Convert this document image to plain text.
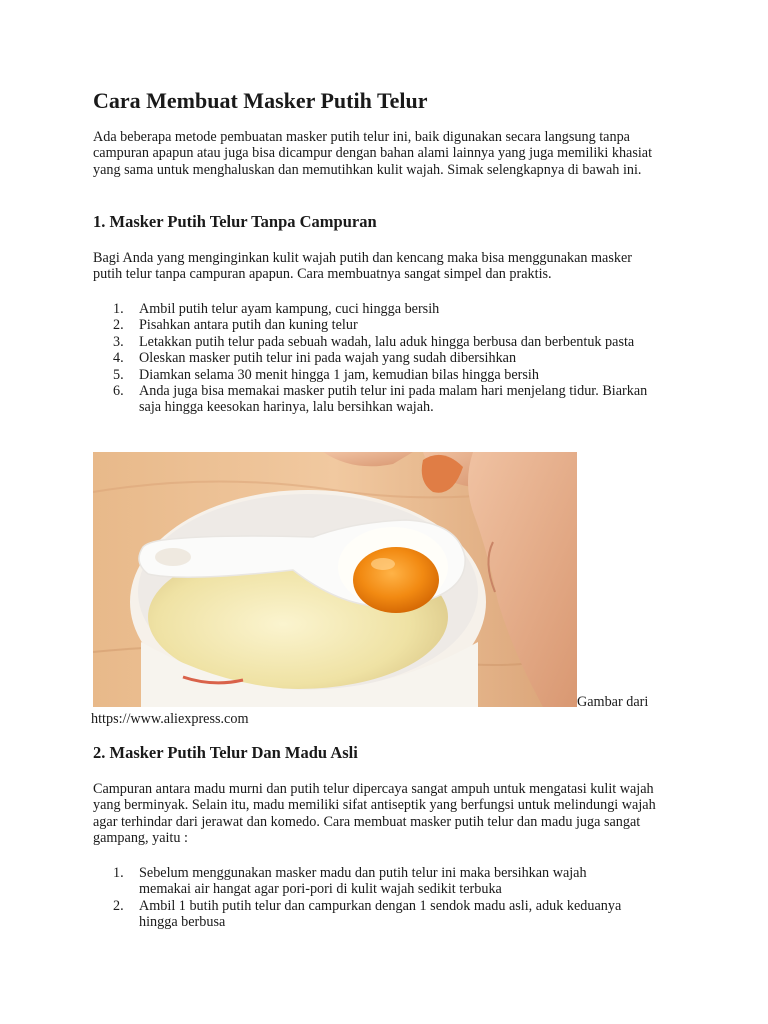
Cara Membuat Masker Putih Telur

Ada beberapa metode pembuatan masker putih telur ini, baik digunakan secara langsung tanpa campuran apapun atau juga bisa dicampur dengan bahan alami lainnya yang juga memiliki khasiat yang sama untuk menghaluskan dan memutihkan kulit wajah. Simak selengkapnya di bawah ini.

1. Masker Putih Telur Tanpa Campuran

Bagi Anda yang menginginkan kulit wajah putih dan kencang maka bisa menggunakan masker putih telur tanpa campuran apapun. Cara membuatnya sangat simpel dan praktis.

1.	Ambil putih telur ayam kampung, cuci hingga bersih
2.	Pisahkan antara putih dan kuning telur
3.	Letakkan putih telur pada sebuah wadah, lalu aduk hingga berbusa dan berbentuk pasta
4.	Oleskan masker putih telur ini pada wajah yang sudah dibersihkan
5.	Diamkan selama 30 menit hingga 1 jam, kemudian bilas hingga bersih
6.	Anda juga bisa memakai masker putih telur ini pada malam hari menjelang tidur. Biarkan saja hingga keesokan harinya, lalu bersihkan wajah.
Gambar dari
https://www.aliexpress.com
2. Masker Putih Telur Dan Madu Asli

Campuran antara madu murni dan putih telur dipercaya sangat ampuh untuk mengatasi kulit wajah yang berminyak. Selain itu, madu memiliki sifat antiseptik yang berfungsi untuk melindungi wajah agar terhindar dari jerawat dan komedo. Cara membuat masker putih telur dan madu juga sangat gampang, yaitu :

1.	Sebelum menggunakan masker madu dan putih telur ini maka bersihkan wajah memakai air hangat agar pori-pori di kulit wajah sedikit terbuka
2.	Ambil 1 butih putih telur dan campurkan dengan 1 sendok madu asli, aduk keduanya hingga berbusa
